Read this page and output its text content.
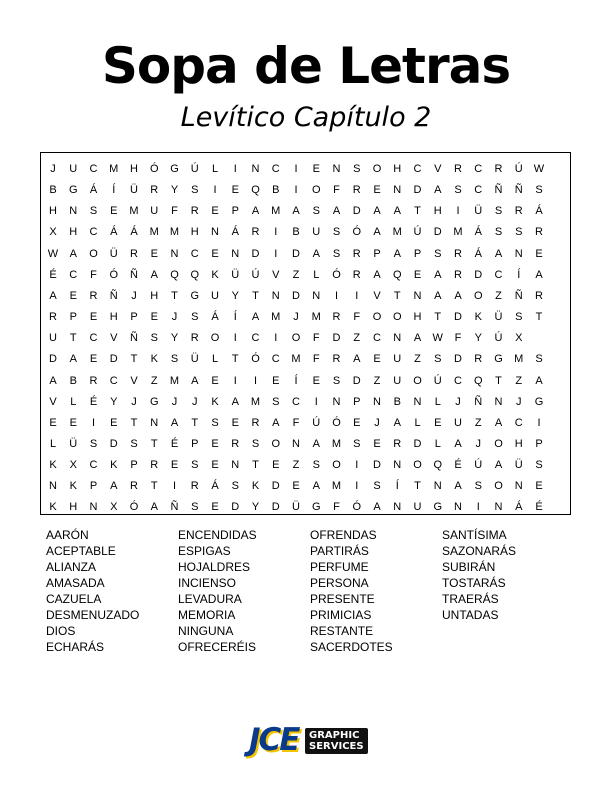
Sopa de Letras
Levítico Capítulo 2
J	U	C	M	H	Ó	G	Ú	L	I	N	C	I	E	N	S	O	H	C	V	R	C	R	Ú	W
B	G	Á	Í	Ü	R	Y	S	I	E	Q	B	I	O	F	R	E	N	D	A	S	C	Ñ	Ñ	S
H	N	S	E	M	U	F	R	E	P	A	M	A	S	A	D	A	A	T	H	I	Ü	S	R	Á
X	H	C	Á	Á	M	M	H	N	Á	R	I	B	U	S	Ó	A	M	Ú	D	M	Á	S	S	R
W	A	O	Ü	R	E	N	C	E	N	D	I	D	A	S	R	P	A	P	S	R	Á	A	N	E
É	C	F	Ó	Ñ	A	Q	Q	K	Ü	Ú	V	Z	L	Ó	R	A	Q	E	A	R	D	C	Í	A
A	E	R	Ñ	J	H	T	G	U	Y	T	N	D	N	I	I	V	T	N	A	A	O	Z	Ñ	R
R	P	E	H	P	E	J	S	Á	Í	A	M	J	M	R	F	O	O	H	T	D	K	Ü	S	T
U	T	C	V	Ñ	S	Y	R	O	I	C	I	O	F	D	Z	C	N	A	W	F	Y	Ú	X
D	A	E	D	T	K	S	Ü	L	T	Ó	C	M	F	R	A	E	U	Z	S	D	R	G	M	S
A	B	R	C	V	Z	M	A	E	I	I	E	Í	E	S	D	Z	U	O	Ú	C	Q	T	Z	A
V	L	É	Y	J	G	J	J	K	A	M	S	C	I	N	P	N	B	N	L	J	Ñ	N	J	G
E	E	I	E	T	N	A	T	S	E	R	A	F	Ú	Ó	E	J	A	L	E	U	Z	A	C	I
L	Ü	S	D	S	T	É	P	E	R	S	O	N	A	M	S	E	R	D	L	A	J	O	H	P
K	X	C	K	P	R	E	S	E	N	T	E	Z	S	O	I	D	N	O	Q	É	Ú	A	Ü	S
N	K	P	A	R	T	I	R	Á	S	K	D	E	A	M	I	S	Í	T	N	A	S	O	N	E
K	H	N	X	Ó	A	Ñ	S	E	D	Y	D	Ü	G	F	Ó	A	N	U	G	N	I	N	Á	É
AARÓN
ACEPTABLE
ALIANZA
AMASADA
CAZUELA
DESMENUZADO
DIOS
ECHARÁS
ENCENDIDAS
ESPIGAS
HOJALDRES
INCIENSO
LEVADURA
MEMORIA
NINGUNA
OFRECERÉIS
OFRENDAS
PARTIRÁS
PERFUME
PERSONA
PRESENTE
PRIMICIAS
RESTANTE
SACERDOTES
SANTÍSIMA
SAZONARÁS
SUBIRÁN
TOSTARÁS
TRAERÁS
UNTADAS
JCE GRAPHIC
SERVICES
